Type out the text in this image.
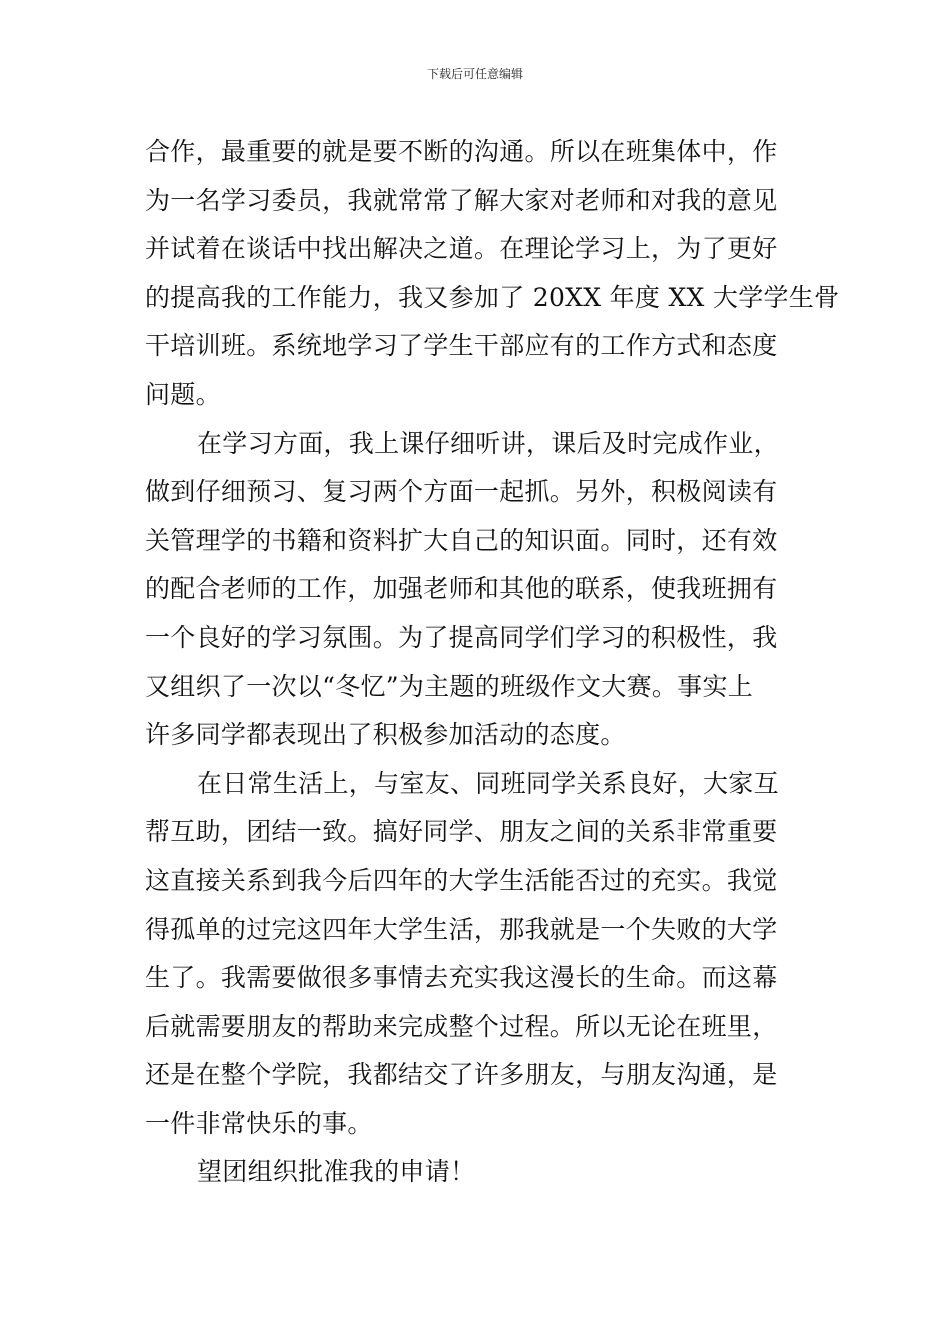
下载后可任意编辑
合作，最重要的就是要不断的沟通。所以在班集体中，作
为一名学习委员，我就常常了解大家对老师和对我的意见
并试着在谈话中找出解决之道。在理论学习上，为了更好
的提高我的工作能力，我又参加了 20XX 年度 XX 大学学生骨
干培训班。系统地学习了学生干部应有的工作方式和态度
问题。
在学习方面，我上课仔细听讲，课后及时完成作业，
做到仔细预习、复习两个方面一起抓。另外，积极阅读有
关管理学的书籍和资料扩大自己的知识面。同时，还有效
的配合老师的工作，加强老师和其他的联系，使我班拥有
一个良好的学习氛围。为了提高同学们学习的积极性，我
又组织了一次以“冬忆”为主题的班级作文大赛。事实上
许多同学都表现出了积极参加活动的态度。
在日常生活上，与室友、同班同学关系良好，大家互
帮互助，团结一致。搞好同学、朋友之间的关系非常重要
这直接关系到我今后四年的大学生活能否过的充实。我觉
得孤单的过完这四年大学生活，那我就是一个失败的大学
生了。我需要做很多事情去充实我这漫长的生命。而这幕
后就需要朋友的帮助来完成整个过程。所以无论在班里，
还是在整个学院，我都结交了许多朋友，与朋友沟通，是
一件非常快乐的事。
望团组织批准我的申请！
